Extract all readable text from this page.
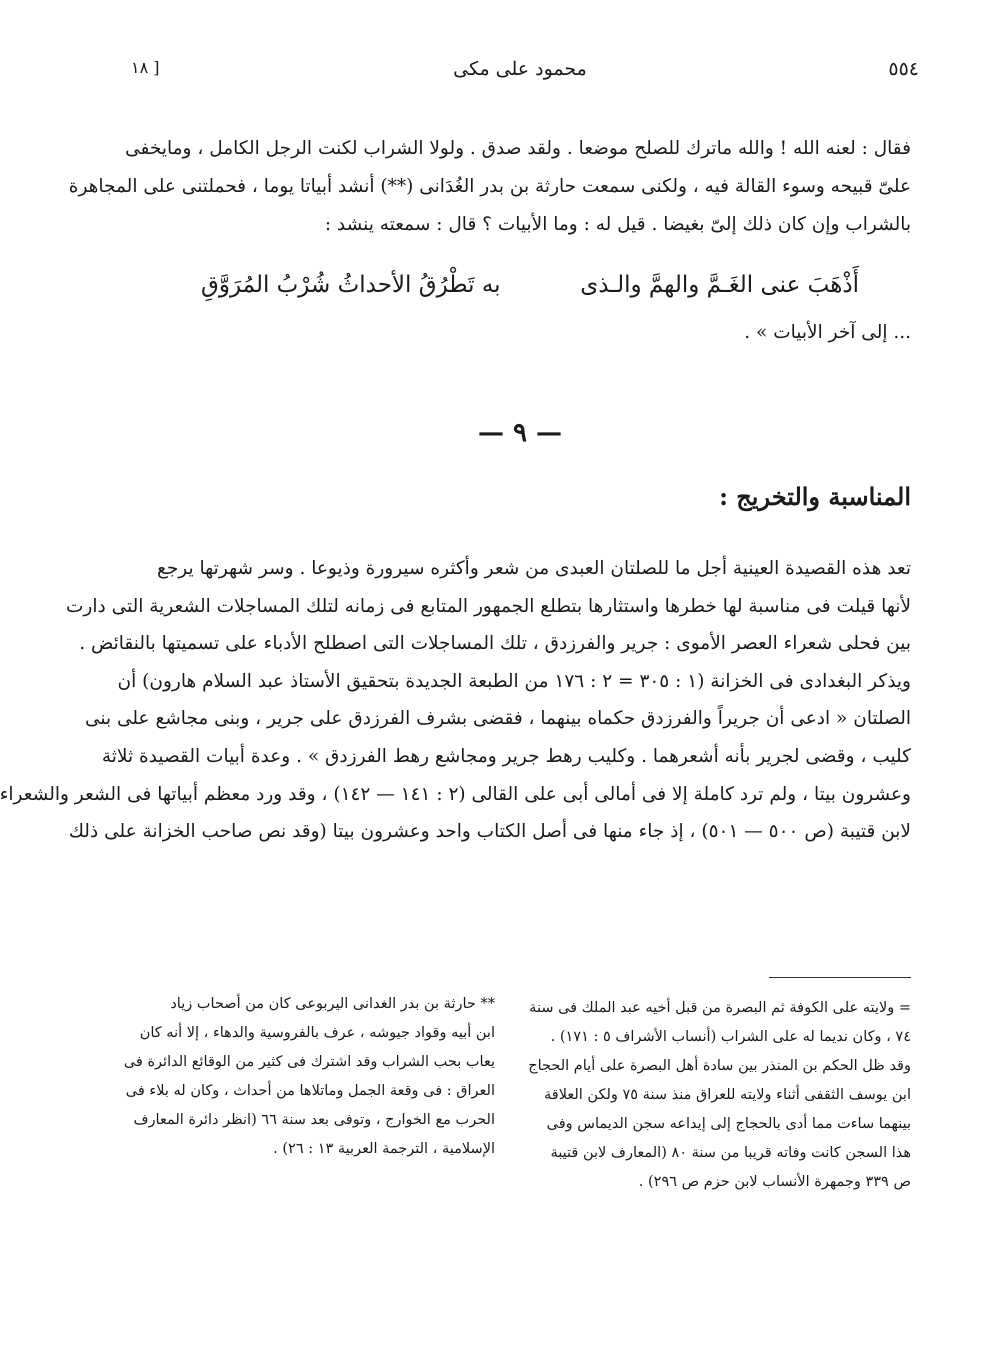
٥٥٤
محمود على مكى
[ ١٨
فقال : لعنه الله ! والله ماترك للصلح موضعا . ولقد صدق . ولولا الشراب لكنت الرجل الكامل ، ومايخفى
علىّ قبيحه وسوء القالة فيه ، ولكنى سمعت حارثة بن بدر الغُدَانى (**) أنشد أبياتا يوما ، فحملتنى على المجاهرة
بالشراب وإن كان ذلك إلىّ بغيضا . قيل له : وما الأبيات ؟ قال : سمعته ينشد :
أَذْهَبَ عنى الغَـمَّ والهمَّ والـذى
به تَطْرُقُ الأحداثُ شُرْبُ المُرَوَّقِ
... إلى آخر الأبيات » .
— ٩ —
المناسبة والتخريج :
تعد هذه القصيدة العينية أجل ما للصلتان العبدى من شعر وأكثره سيرورة وذيوعا . وسر شهرتها يرجع
لأنها قيلت فى مناسبة لها خطرها واستثارها بتطلع الجمهور المتابع فى زمانه لتلك المساجلات الشعرية التى دارت
بين فحلى شعراء العصر الأموى : جرير والفرزدق ، تلك المساجلات التى اصطلح الأدباء على تسميتها بالنقائض .
ويذكر البغدادى فى الخزانة (١ : ٣٠٥ = ٢ : ١٧٦ من الطبعة الجديدة بتحقيق الأستاذ عبد السلام هارون) أن
الصلتان « ادعى أن جريراً والفرزدق حكماه بينهما ، فقضى بشرف الفرزدق على جرير ، وبنى مجاشع على بنى
كليب ، وقضى لجرير بأنه أشعرهما . وكليب رهط جرير ومجاشع رهط الفرزدق » . وعدة أبيات القصيدة ثلاثة
وعشرون بيتا ، ولم ترد كاملة إلا فى أمالى أبى على القالى (٢ : ١٤١ — ١٤٢) ، وقد ورد معظم أبياتها فى الشعر والشعراء
لابن قتيبة (ص ٥٠٠ — ٥٠١) ، إذ جاء منها فى أصل الكتاب واحد وعشرون بيتا (وقد نص صاحب الخزانة على ذلك
= ولايته على الكوفة ثم البصرة من قبل أخيه عبد الملك فى سنة
٧٤ ، وكان نديما له على الشراب (أنساب الأشراف ٥ : ١٧١) .
وقد ظل الحكم بن المنذر بين سادة أهل البصرة على أيام الحجاج
ابن يوسف الثقفى أثناء ولايته للعراق منذ سنة ٧٥ ولكن العلاقة
بينهما ساءت مما أدى بالحجاج إلى إيداعه سجن الديماس وفى
هذا السجن كانت وفاته قريبا من سنة ٨٠ (المعارف لابن قتيبة
ص ٣٣٩ وجمهرة الأنساب لابن حزم ص ٢٩٦) .
** حارثة بن بدر الغدانى اليربوعى كان من أصحاب زياد
ابن أبيه وقواد جيوشه ، عرف بالفروسية والدهاء ، إلا أنه كان
يعاب بحب الشراب وقد اشترك فى كثير من الوقائع الدائرة فى
العراق : فى وقعة الجمل وماتلاها من أحداث ، وكان له بلاء فى
الحرب مع الخوارج ، وتوفى بعد سنة ٦٦ (انظر دائرة المعارف
الإسلامية ، الترجمة العربية ١٣ : ٢٦) .
